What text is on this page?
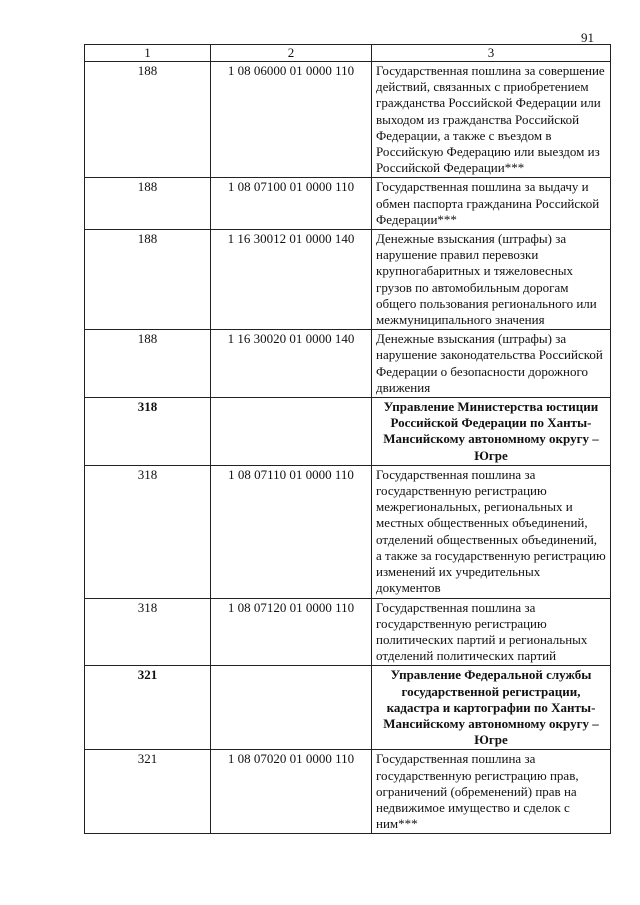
91
1	2	3
188	1 08 06000 01 0000 110	Государственная пошлина за совершение действий, связанных с приобретением гражданства Российской Федерации или выходом из гражданства Российской Федерации, а также с въездом в Российскую Федерацию или выездом из Российской Федерации***
188	1 08 07100 01 0000 110	Государственная пошлина за выдачу и обмен паспорта гражданина Российской Федерации***
188	1 16 30012 01 0000 140	Денежные взыскания (штрафы) за нарушение правил перевозки крупногабаритных и тяжеловесных грузов по автомобильным дорогам общего пользования регионального или межмуниципального значения
188	1 16 30020 01 0000 140	Денежные взыскания (штрафы) за нарушение законодательства Российской Федерации о безопасности дорожного движения
318		Управление Министерства юстиции Российской Федерации по Ханты-Мансийскому автономному округу – Югре
318	1 08 07110 01 0000 110	Государственная пошлина за государственную регистрацию межрегиональных, региональных и местных общественных объединений, отделений общественных объединений, а также за государственную регистрацию изменений их учредительных документов
318	1 08 07120 01 0000 110	Государственная пошлина за государственную регистрацию политических партий и региональных отделений политических партий
321		Управление Федеральной службы государственной регистрации, кадастра и картографии по Ханты-Мансийскому автономному округу – Югре
321	1 08 07020 01 0000 110	Государственная пошлина за государственную регистрацию прав, ограничений (обременений) прав на недвижимое имущество и сделок с ним***
